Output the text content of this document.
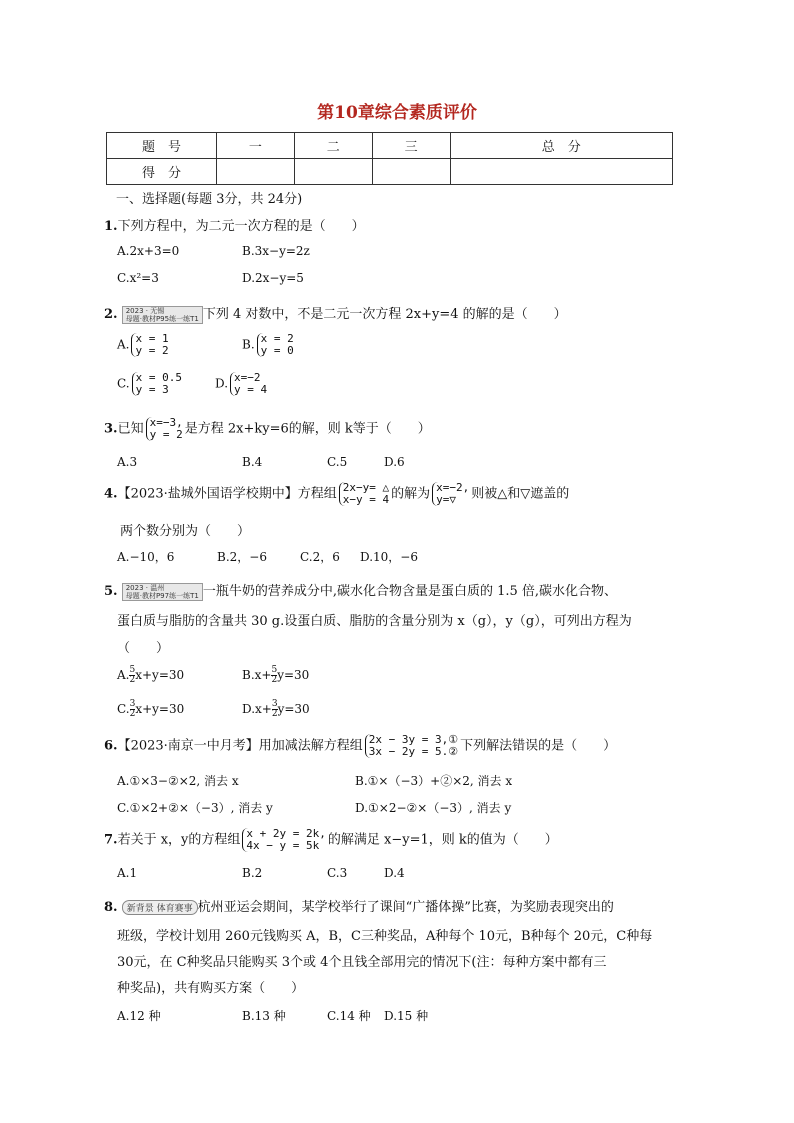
第10章综合素质评价
题　号	一	二	三	总　分
得　分				
一、选择题(每题 3分，共 24分)
1.下列方程中，为二元一次方程的是（　　）
A.2x+3=0	B.3x−y=2z
C.x²=3	D.2x−y=5
2. 2023 · 无锡
母题·教材P95练一练T1 下列 4 对数中，不是二元一次方程 2x+y=4 的解的是（　　）
A. x = 1
y = 2	B. x = 2
y = 0
C. x = 0.5
y = 3	D. x=−2
y = 4
3.已知 x=−3,
y = 2 是方程 2x+ky=6的解，则 k等于（　　）
A.3	B.4	C.5	D.6
4.【2023·盐城外国语学校期中】方程组 2x−y= △
x−y = 4 的解为 x=−2,
y=▽	则被△和▽遮盖的
两个数分别为（　　）
A.−10，6	B.2，−6	C.2，6 D.10，−6
5. 2023 · 温州
母题·教材P97练一练T1 一瓶牛奶的营养成分中,碳水化合物含量是蛋白质的 1.5 倍,碳水化合物、
蛋白质与脂肪的含量共 30 g.设蛋白质、脂肪的含量分别为 x（g），y（g），可列出方程为
（　　）
A. $\frac{5}{2} x+y=30$	$B.x+ \frac{5}{2} y=30$
C. $\frac{3}{2} x+y=30$	$D.x+ \frac{3}{2} y=30$
6.【2023·南京一中月考】用加减法解方程组 2x − 3y = 3,①
3x − 2y = 5.② 下列解法错误的是（　　）
A.①×3−②×2, 消去 x	B.①×（−3）+②×2, 消去 x
C.①×2+②×（−3）, 消去 y	D.①×2−②×（−3）, 消去 y
7.若关于 x，y的方程组 x + 2y = 2k,
4x − y = 5k 的解满足 x−y=1，则 k的值为（　　）
A.1	B.2	C.3	D.4
8. 新背景 体育赛事 杭州亚运会期间，某学校举行了课间“广播体操”比赛，为奖励表现突出的
班级，学校计划用 260元钱购买 A，B，C三种奖品，A种每个 10元，B种每个 20元，C种每
30元，在 C种奖品只能购买 3个或 4个且钱全部用完的情况下(注：每种方案中都有三
种奖品)，共有购买方案（　　）
A.12 种	B.13 种	C.14 种 D.15 种
